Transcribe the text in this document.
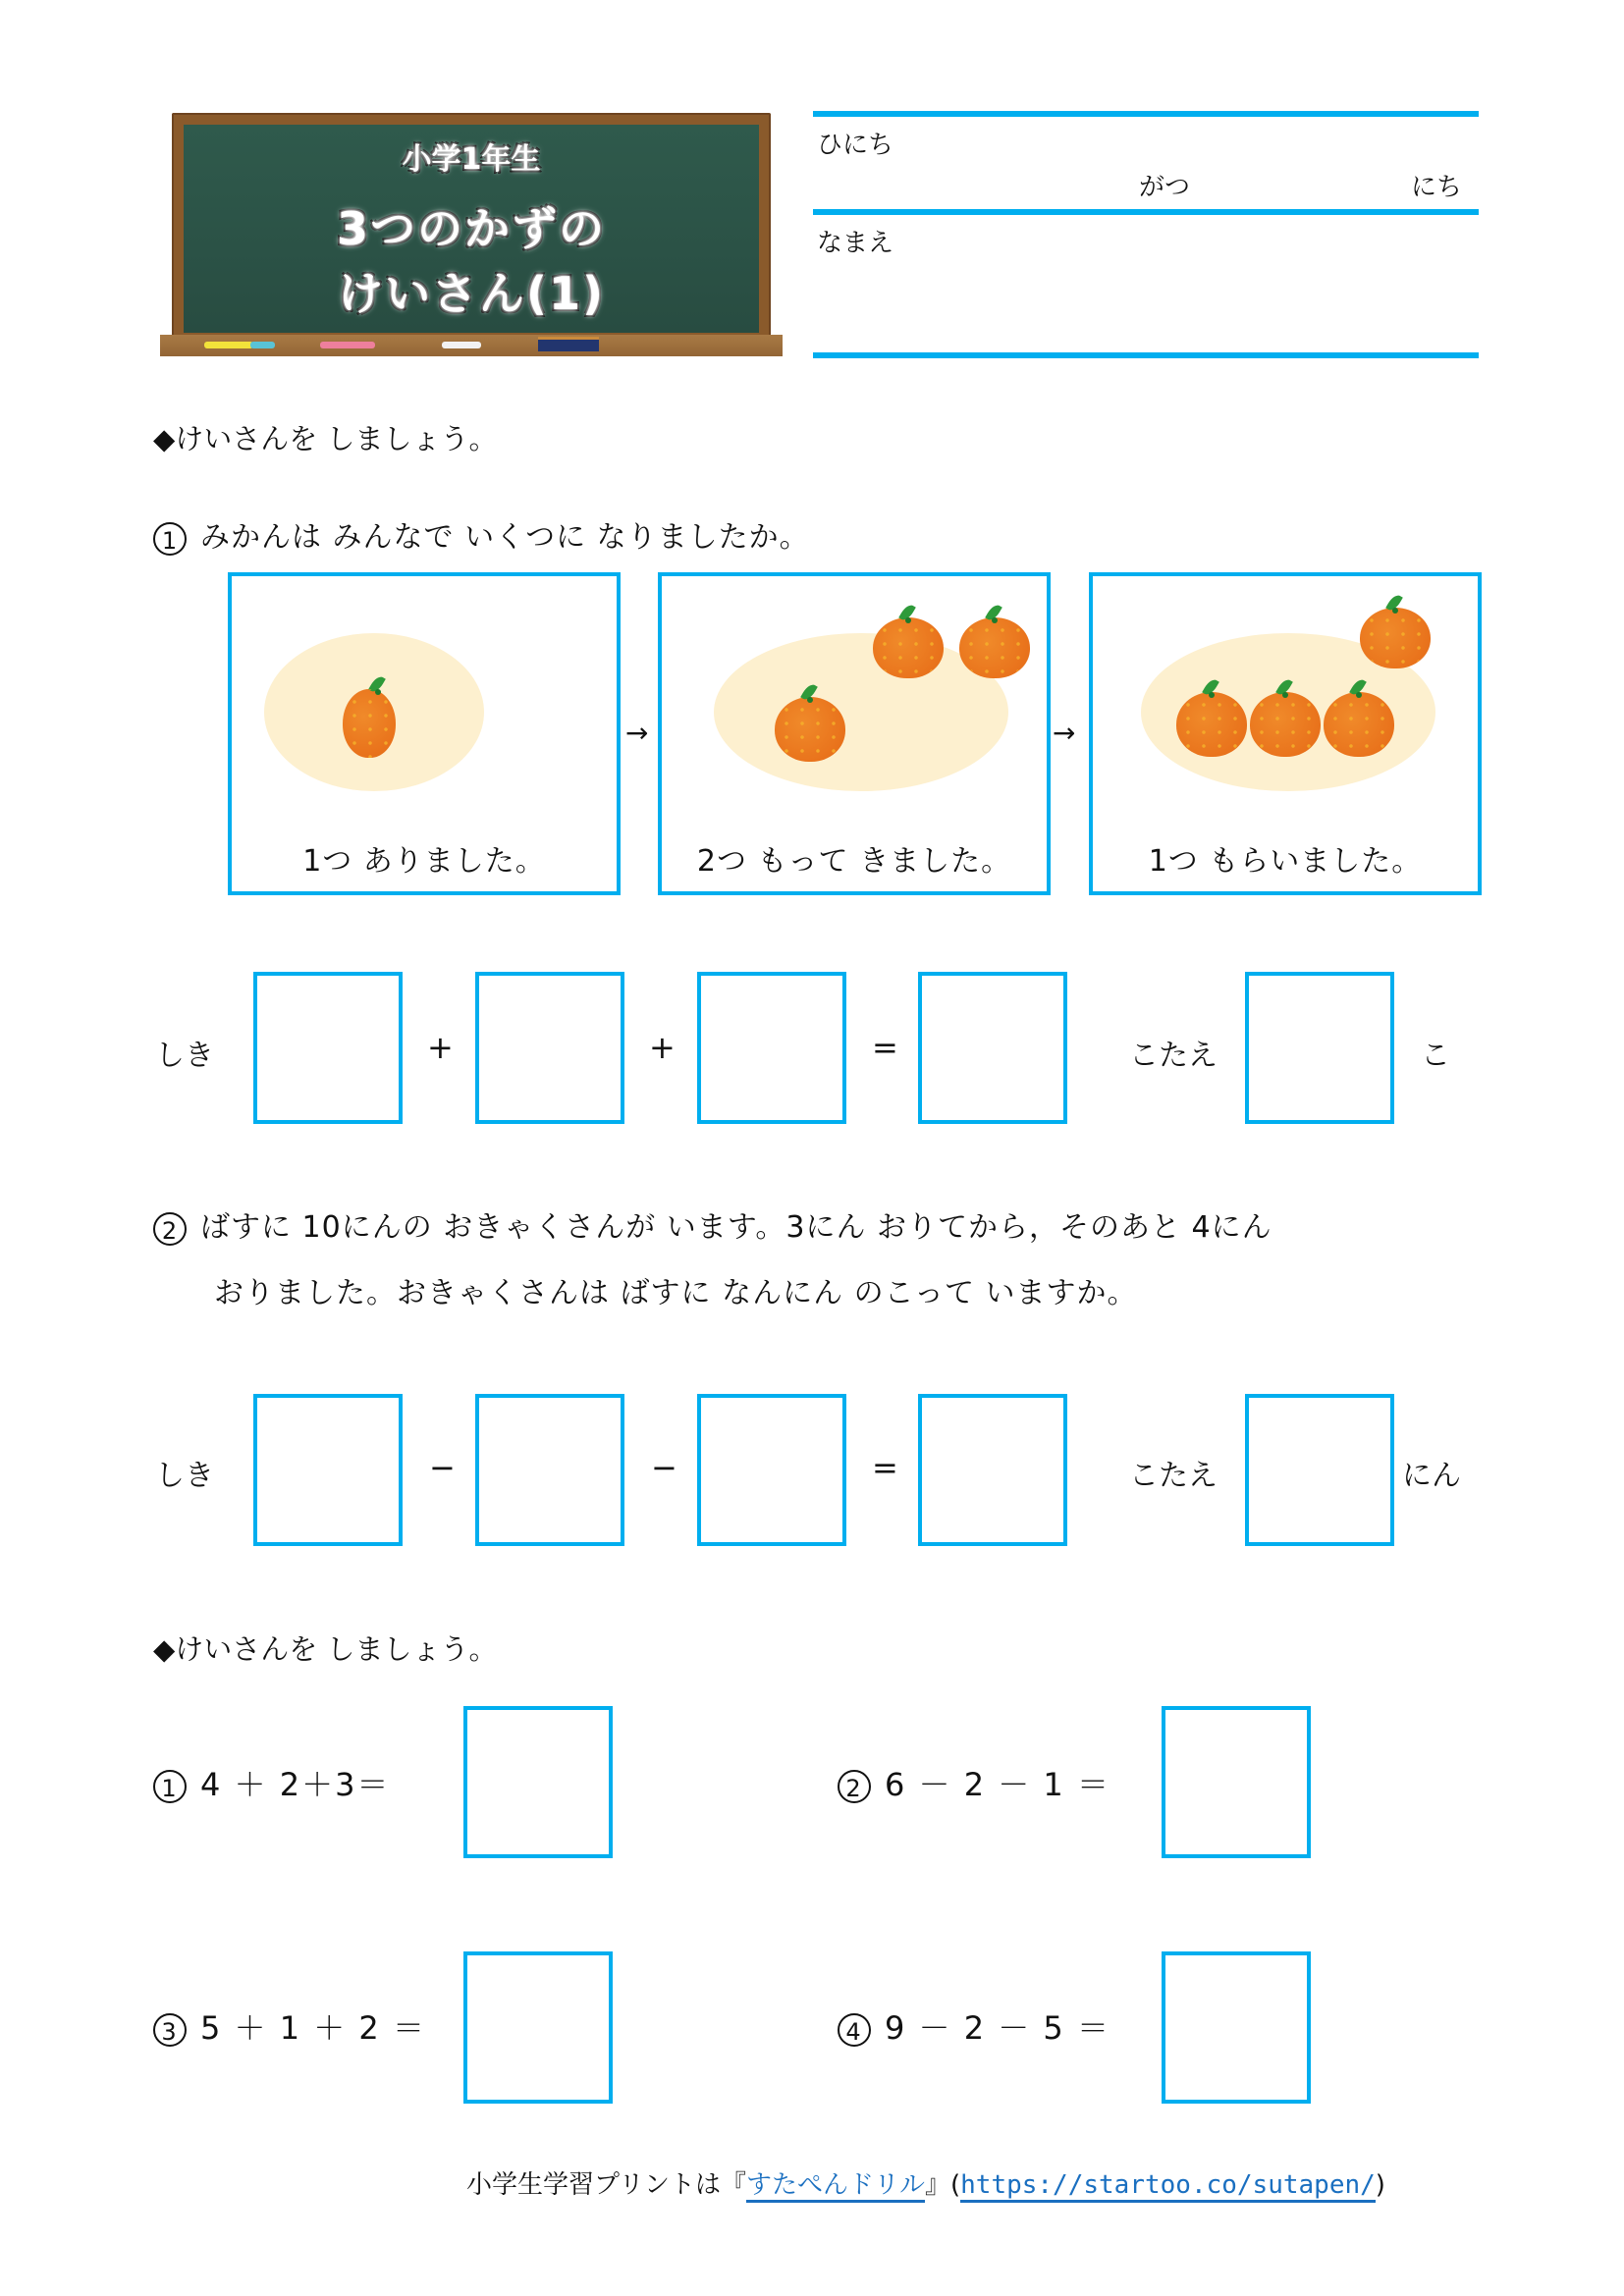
小学1年生
3つのかずの
けいさん(1)
ひにち
がつ	にち
なまえ
◆けいさんを しましょう。
1 みかんは みんなで いくつに なりましたか。
1つ ありました。
→
2つ もって きました。
→
1つ もらいました。
しき	+	+	=	こたえ	こ
2 ばすに 10にんの おきゃくさんが います。3にん おりてから，そのあと 4にん
おりました。おきゃくさんは ばすに なんにん のこって いますか。
しき	−	−	=	こたえ	にん
◆けいさんを しましょう。
1 4 ＋ 2＋3＝	2 6 － 2 － 1 ＝
3 5 ＋ 1 ＋ 2 ＝	4 9 － 2 － 5 ＝
小学生学習プリントは『すたぺんドリル』(https://startoo.co/sutapen/)
